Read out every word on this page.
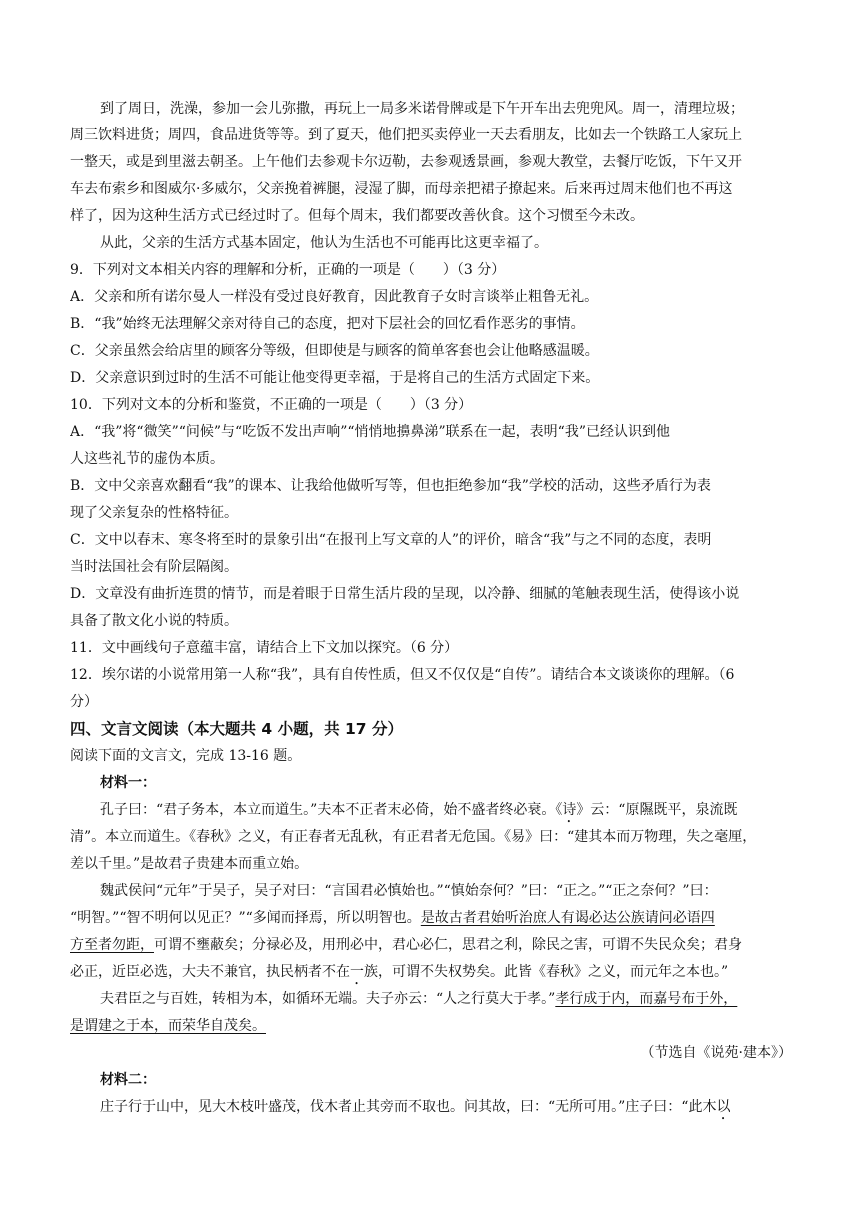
到了周日，洗澡，参加一会儿弥撒，再玩上一局多米诺骨牌或是下午开车出去兜兜风。周一，清理垃圾；
周三饮料进货；周四，食品进货等等。到了夏天，他们把买卖停业一天去看朋友，比如去一个铁路工人家玩上
一整天，或是到里滋去朝圣。上午他们去参观卡尔迈勒，去参观透景画，参观大教堂，去餐厅吃饭，下午又开
车去布索乡和图威尔·多威尔，父亲挽着裤腿，浸湿了脚，而母亲把裙子撩起来。后来再过周末他们也不再这
样了，因为这种生活方式已经过时了。但每个周末，我们都要改善伙食。这个习惯至今未改。
从此，父亲的生活方式基本固定，他认为生活也不可能再比这更幸福了。
9．下列对文本相关内容的理解和分析，正确的一项是（　　）（3 分）
A．父亲和所有诺尔曼人一样没有受过良好教育，因此教育子女时言谈举止粗鲁无礼。
B．“我”始终无法理解父亲对待自己的态度，把对下层社会的回忆看作恶劣的事情。
C．父亲虽然会给店里的顾客分等级，但即使是与顾客的简单客套也会让他略感温暖。
D．父亲意识到过时的生活不可能让他变得更幸福，于是将自己的生活方式固定下来。
10．下列对文本的分析和鉴赏，不正确的一项是（　　）（3 分）
A．“我”将“微笑”“问候”与“吃饭不发出声响”“悄悄地擤鼻涕”联系在一起，表明“我”已经认识到他
人这些礼节的虚伪本质。
B．文中父亲喜欢翻看“我”的课本、让我给他做听写等，但也拒绝参加“我”学校的活动，这些矛盾行为表
现了父亲复杂的性格特征。
C．文中以春末、寒冬将至时的景象引出“在报刊上写文章的人”的评价，暗含“我”与之不同的态度，表明
当时法国社会有阶层隔阂。
D．文章没有曲折连贯的情节，而是着眼于日常生活片段的呈现，以冷静、细腻的笔触表现生活，使得该小说
具备了散文化小说的特质。
11．文中画线句子意蕴丰富，请结合上下文加以探究。（6 分）
12．埃尔诺的小说常用第一人称“我”，具有自传性质，但又不仅仅是“自传”。请结合本文谈谈你的理解。（6
分）
四、文言文阅读（本大题共 4 小题，共 17 分）
阅读下面的文言文，完成 13-16 题。
材料一：
孔子曰：“君子务本，本立而道生。”夫本不正者末必倚，始不盛者终必衰。《诗》云：“原隰既平，泉流既
清”。本立而道生。《春秋》之义，有正春者无乱秋，有正君者无危国。《易》曰：“建其本而万物理，失之毫厘，
差以千里。”是故君子贵建本而重立始。
魏武侯问“元年”于吴子，吴子对曰：“言国君必慎始也。”“慎始奈何？”曰：“正之。”“正之奈何？”曰：
“明智。”“智不明何以见正？”“多闻而择焉，所以明智也。是故古者君始听治庶人有谒必达公族请问必语四
方至者勿距，可谓不壅蔽矣；分禄必及，用刑必中，君心必仁，思君之利，除民之害，可谓不失民众矣；君身
必正，近臣必选，大夫不兼官，执民柄者不在一族，可谓不失权势矣。此皆《春秋》之义，而元年之本也。”
夫君臣之与百姓，转相为本，如循环无端。夫子亦云：“人之行莫大于孝。”孝行成于内，而嘉号布于外，
是谓建之于本，而荣华自茂矣。
（节选自《说苑·建本》）
材料二：
庄子行于山中，见大木枝叶盛茂，伐木者止其旁而不取也。问其故，曰：“无所可用。”庄子曰：“此木以
